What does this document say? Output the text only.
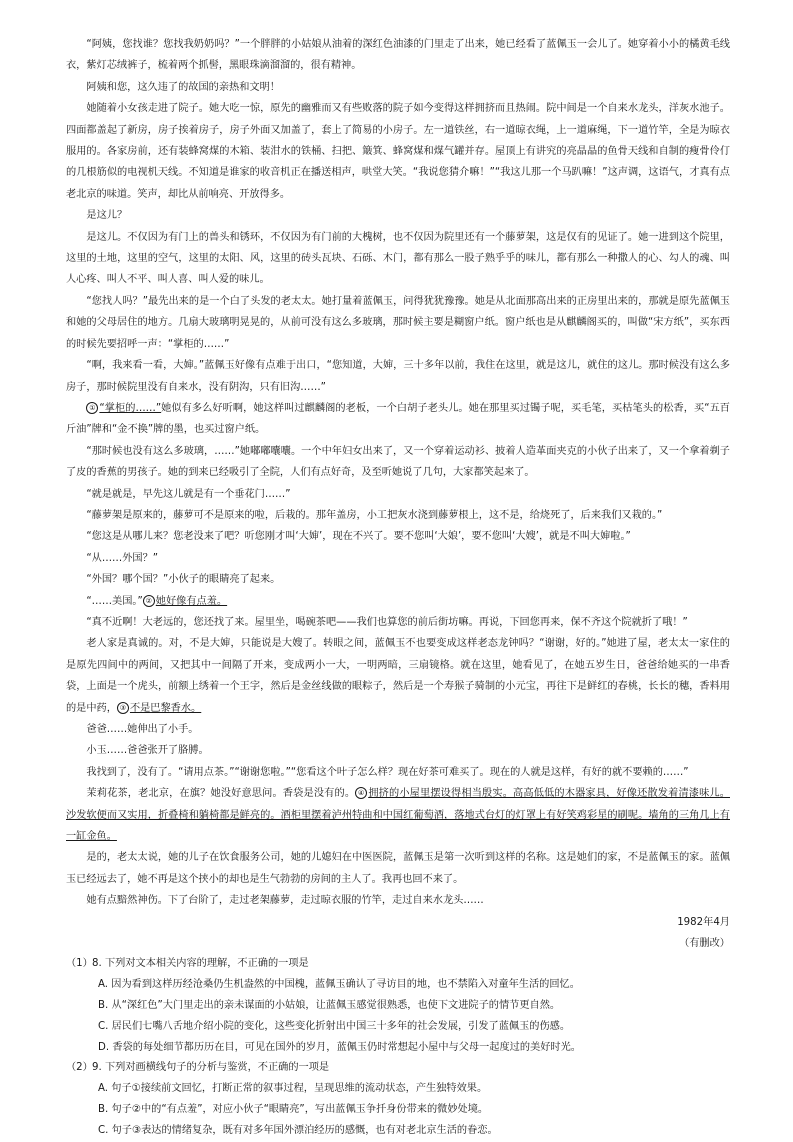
“阿姨，您找谁？您找我奶奶吗？”一个胖胖的小姑娘从油着的深红色油漆的门里走了出来，她已经看了蓝佩玉一会儿了。她穿着小小的橘黄毛线衣，紫灯芯绒裤子，梳着两个抓髻，黑眼珠滴溜溜的，很有精神。

阿姨和您，这久违了的故国的亲热和文明！

她随着小女孩走进了院子。她大吃一惊，原先的幽雅而又有些败落的院子如今变得这样拥挤而且热闹。院中间是一个自来水龙头，洋灰水池子。四面都盖起了新房，房子挨着房子，房子外面又加盖了，套上了简易的小房子。左一道铁丝，右一道晾衣绳，上一道麻绳，下一道竹竿，全是为晾衣服用的。各家房前，还有装蜂窝煤的木箱、装泔水的铁桶、扫把、簸箕、蜂窝煤和煤气罐并存。屋顶上有讲究的亮晶晶的鱼骨天线和自制的瘦骨伶仃的几根筋似的电视机天线。不知道是谁家的收音机正在播送相声，哄堂大笑。“我说您猜介嘛！”“我这儿那一个马趴嘛！”这声调，这语气，才真有点老北京的味道。笑声，却比从前响亮、开放得多。

是这儿？

是这儿。不仅因为有门上的兽头和锈环，不仅因为有门前的大槐树，也不仅因为院里还有一个藤萝架，这是仅有的见证了。她一进到这个院里，这里的土地，这里的空气，这里的太阳、风，这里的砖头瓦块、石砾、木门，都有那么一股子熟乎乎的味儿，都有那么一种撒人的心、勾人的魂、叫人心疼、叫人不平、叫人喜、叫人爱的味儿。

“您找人吗？”最先出来的是一个白了头发的老太太。她打量着蓝佩玉，问得犹犹豫豫。她是从北面那高出来的正房里出来的，那就是原先蓝佩玉和她的父母居住的地方。几扇大玻璃明晃晃的，从前可没有这么多玻璃，那时候主要是糊窗户纸。窗户纸也是从麒麟阁买的，叫做“宋方纸”，买东西的时候先要招呼一声：“掌柜的……”

“啊，我来看一看，大婶。”蓝佩玉好像有点难于出口，“您知道，大婶，三十多年以前，我住在这里，就是这儿，就住的这儿。那时候没有这么多房子，那时候院里没有自来水，没有阴沟，只有旧沟……”

① “掌柜的……”她似有多么好听啊，她这样叫过麒麟阁的老板，一个白胡子老头儿。她在那里买过镯子呢，买毛笔，买枯笔头的松香，买“五百斤油”牌和“金不换”牌的墨，也买过窗户纸。

“那时候也没有这么多玻璃，……”她嘟嘟囔囔。一个中年妇女出来了，又一个穿着运动衫、披着人造革面夹克的小伙子出来了，又一个拿着剃子了皮的香蕉的男孩子。她的到来已经吸引了全院，人们有点好奇，及至听她说了几句，大家都笑起来了。

“就是就是，早先这儿就是有一个垂花门……”

“藤萝架是原来的，藤萝可不是原来的啦，后栽的。那年盖房，小工把灰水浇到藤萝根上，这不是，给烧死了，后来我们又栽的。”

“您这是从哪儿来？您老没来了吧？听您刚才叫‘大婶’，现在不兴了。要不您叫‘大娘’，要不您叫‘大嫂’，就是不叫大婶啦。”

“从……外国？”

“外国？哪个国？”小伙子的眼睛亮了起来。

“……美国。” ② 她好像有点羞。

“真不近啊！大老远的，您还找了来。屋里坐，喝碗茶吧——我们也算您的前后街坊嘛。再说，下回您再来，保不齐这个院就折了哦！”

老人家是真诚的。对，不是大婶，只能说是大嫂了。转眼之间，蓝佩玉不也要变成这样老态龙钟吗？“谢谢，好的。”她进了屋，老太太一家住的是原先四间中的两间，又把其中一间隔了开来，变成两小一大，一明两暗，三扇镜格。就在这里，她看见了，在她五岁生日，爸爸给她买的一串香袋，上面是一个虎头，前额上绣着一个王字，然后是金丝线做的眼粽子，然后是一个寿猴子骑制的小元宝，再往下是鲜红的春桃，长长的穗，香料用的是中药， ③ 不是巴黎香水。

爸爸……她伸出了小手。

小玉……爸爸张开了胳膊。

我找到了，没有了。“请用点茶。”“谢谢您啦。”“您看这个叶子怎么样？现在好茶可难买了。现在的人就是这样，有好的就不要赖的……”

茉莉花茶，老北京，在旗？她没好意思问。香袋是没有的。 ④ 拥挤的小屋里摆设得相当殷实。高高低低的木器家具，好像还散发着清漆味儿。沙发软便而又实用，折叠椅和躺椅都是鲜亮的。酒柜里摆着泸州特曲和中国红葡萄酒，落地式台灯的灯罩上有好笑鸡彩星的刷呢。墙角的三角几上有一缸金鱼。

是的，老太太说，她的儿子在饮食服务公司，她的儿媳妇在中医医院，蓝佩玉是第一次听到这样的名称。这是她们的家，不是蓝佩玉的家。蓝佩玉已经远去了，她不再是这个挟小的却也是生气勃勃的房间的主人了。我再也回不来了。

她有点黯然神伤。下了台阶了，走过老架藤萝，走过晾衣服的竹竿，走过自来水龙头……

1982年4月

（有删改）

（1）8. 下列对文本相关内容的理解，不正确的一项是

A. 因为看到这样历经沧桑仍生机盎然的中国槐，蓝佩玉确认了寻访目的地，也不禁陷入对童年生活的回忆。

B. 从“深红色”大门里走出的亲未谋面的小姑娘，让蓝佩玉感觉很熟悉，也使下文进院子的情节更自然。

C. 居民们七嘴八舌地介绍小院的变化，这些变化折射出中国三十多年的社会发展，引发了蓝佩玉的伤感。

D. 香袋的每处细节都历历在目，可见在国外的岁月，蓝佩玉仍时常想起小屋中与父母一起度过的美好时光。

（2）9. 下列对画横线句子的分析与鉴赏，不正确的一项是

A. 句子①接续前文回忆，打断正常的叙事过程，呈现思维的流动状态，产生独特效果。

B. 句子②中的“有点羞”，对应小伙子“眼睛亮”，写出蓝佩玉争扦身份带来的微妙处境。

C. 句子③表达的情绪复杂，既有对多年国外漂泊经历的感慨，也有对老北京生活的眷恋。
